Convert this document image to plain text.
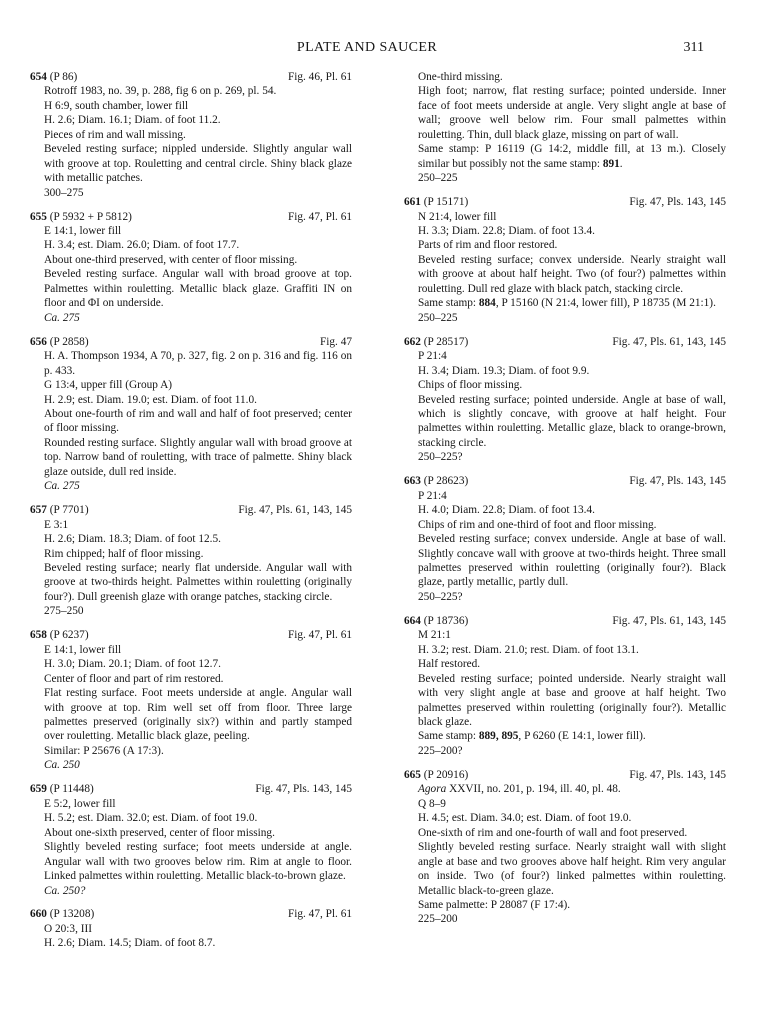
PLATE AND SAUCER	311
654 (P 86)	Fig. 46, Pl. 61

Rotroff 1983, no. 39, p. 288, fig 6 on p. 269, pl. 54.

H 6:9, south chamber, lower fill

H. 2.6; Diam. 16.1; Diam. of foot 11.2.

Pieces of rim and wall missing.

Beveled resting surface; nippled underside. Slightly angular wall with groove at top. Rouletting and central circle. Shiny black glaze with metallic patches.

300–275

655 (P 5932 + P 5812)	Fig. 47, Pl. 61

E 14:1, lower fill

H. 3.4; est. Diam. 26.0; Diam. of foot 17.7.

About one-third preserved, with center of floor missing.

Beveled resting surface. Angular wall with broad groove at top. Palmettes within rouletting. Metallic black glaze. Graffiti IN on floor and ΦI on underside.

Ca. 275

656 (P 2858)	Fig. 47

H. A. Thompson 1934, A 70, p. 327, fig. 2 on p. 316 and fig. 116 on p. 433.

G 13:4, upper fill (Group A)

H. 2.9; est. Diam. 19.0; est. Diam. of foot 11.0.

About one-fourth of rim and wall and half of foot preserved; center of floor missing.

Rounded resting surface. Slightly angular wall with broad groove at top. Narrow band of rouletting, with trace of palmette. Shiny black glaze outside, dull red inside.

Ca. 275

657 (P 7701)	Fig. 47, Pls. 61, 143, 145

E 3:1

H. 2.6; Diam. 18.3; Diam. of foot 12.5.

Rim chipped; half of floor missing.

Beveled resting surface; nearly flat underside. Angular wall with groove at two-thirds height. Palmettes within rouletting (originally four?). Dull greenish glaze with orange patches, stacking circle.

275–250

658 (P 6237)	Fig. 47, Pl. 61

E 14:1, lower fill

H. 3.0; Diam. 20.1; Diam. of foot 12.7.

Center of floor and part of rim restored.

Flat resting surface. Foot meets underside at angle. Angular wall with groove at top. Rim well set off from floor. Three large palmettes preserved (originally six?) within and partly stamped over rouletting. Metallic black glaze, peeling.

Similar: P 25676 (A 17:3).

Ca. 250

659 (P 11448)	Fig. 47, Pls. 143, 145

E 5:2, lower fill

H. 5.2; est. Diam. 32.0; est. Diam. of foot 19.0.

About one-sixth preserved, center of floor missing.

Slightly beveled resting surface; foot meets underside at angle. Angular wall with two grooves below rim. Rim at angle to floor. Linked palmettes within rouletting. Metallic black-to-brown glaze.

Ca. 250?

660 (P 13208)	Fig. 47, Pl. 61

O 20:3, III

H. 2.6; Diam. 14.5; Diam. of foot 8.7.

One-third missing.

High foot; narrow, flat resting surface; pointed underside. Inner face of foot meets underside at angle. Very slight angle at base of wall; groove well below rim. Four small palmettes within rouletting. Thin, dull black glaze, missing on part of wall.

Same stamp: P 16119 (G 14:2, middle fill, at 13 m.). Closely similar but possibly not the same stamp: 891.

250–225

661 (P 15171)	Fig. 47, Pls. 143, 145

N 21:4, lower fill

H. 3.3; Diam. 22.8; Diam. of foot 13.4.

Parts of rim and floor restored.

Beveled resting surface; convex underside. Nearly straight wall with groove at about half height. Two (of four?) palmettes within rouletting. Dull red glaze with black patch, stacking circle.

Same stamp: 884, P 15160 (N 21:4, lower fill), P 18735 (M 21:1).

250–225

662 (P 28517)	Fig. 47, Pls. 61, 143, 145

P 21:4

H. 3.4; Diam. 19.3; Diam. of foot 9.9.

Chips of floor missing.

Beveled resting surface; pointed underside. Angle at base of wall, which is slightly concave, with groove at half height. Four palmettes within rouletting. Metallic glaze, black to orange-brown, stacking circle.

250–225?

663 (P 28623)	Fig. 47, Pls. 143, 145

P 21:4

H. 4.0; Diam. 22.8; Diam. of foot 13.4.

Chips of rim and one-third of foot and floor missing.

Beveled resting surface; convex underside. Angle at base of wall. Slightly concave wall with groove at two-thirds height. Three small palmettes preserved within rouletting (originally four?). Black glaze, partly metallic, partly dull.

250–225?

664 (P 18736)	Fig. 47, Pls. 61, 143, 145

M 21:1

H. 3.2; rest. Diam. 21.0; rest. Diam. of foot 13.1.

Half restored.

Beveled resting surface; pointed underside. Nearly straight wall with very slight angle at base and groove at half height. Two palmettes preserved within rouletting (originally four?). Metallic black glaze.

Same stamp: 889, 895, P 6260 (E 14:1, lower fill).

225–200?

665 (P 20916)	Fig. 47, Pls. 143, 145

Agora XXVII, no. 201, p. 194, ill. 40, pl. 48.

Q 8–9

H. 4.5; est. Diam. 34.0; est. Diam. of foot 19.0.

One-sixth of rim and one-fourth of wall and foot preserved.

Slightly beveled resting surface. Nearly straight wall with slight angle at base and two grooves above half height. Rim very angular on inside. Two (of four?) linked palmettes within rouletting. Metallic black-to-green glaze.

Same palmette: P 28087 (F 17:4).

225–200
